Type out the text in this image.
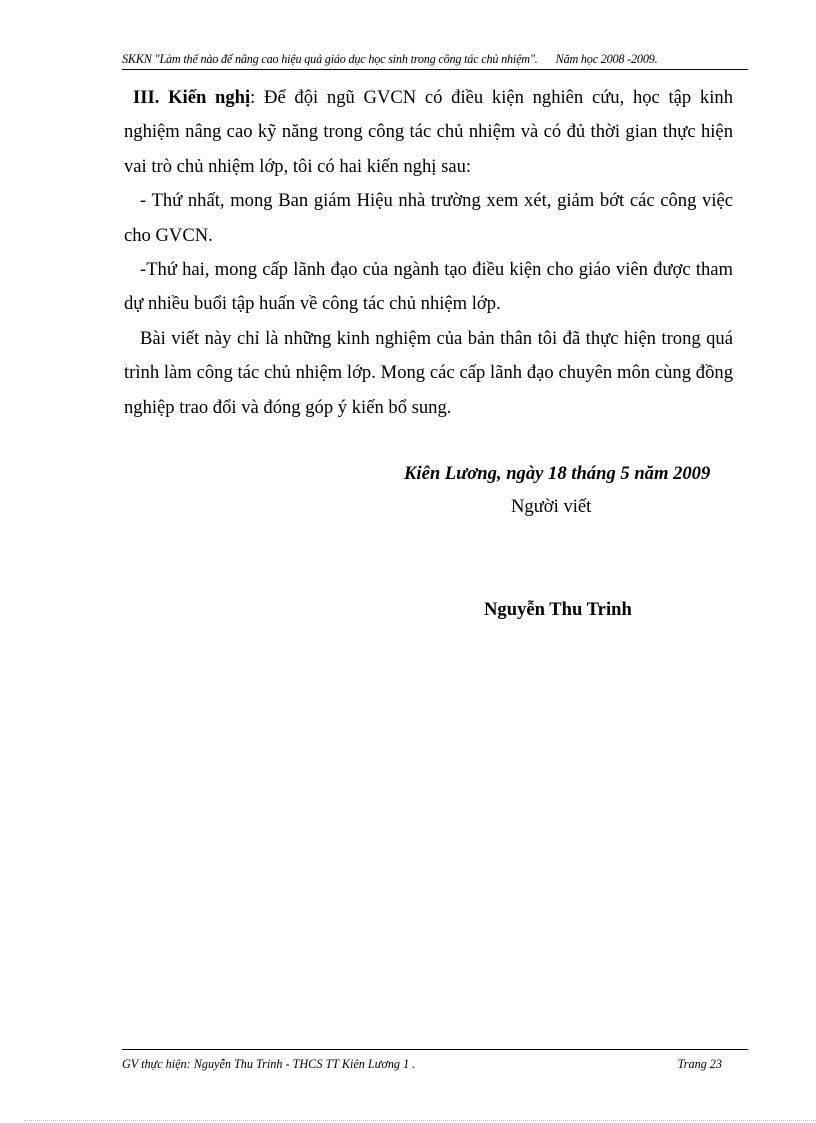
SKKN "Làm thế nào để nâng cao hiệu quả giáo dục học sinh trong công tác chủ nhiệm". Năm học 2008 -2009.

III. Kiến nghị: Để đội ngũ GVCN có điều kiện nghiên cứu, học tập kinh nghiệm nâng cao kỹ năng trong công tác chủ nhiệm và có đủ thời gian thực hiện vai trò chủ nhiệm lớp, tôi có hai kiến nghị sau:

- Thứ nhất, mong Ban giám Hiệu nhà trường xem xét, giảm bớt các công việc cho GVCN.

-Thứ hai, mong cấp lãnh đạo của ngành tạo điều kiện cho giáo viên được tham dự nhiều buổi tập huấn về công tác chủ nhiệm lớp.

Bài viết này chỉ là những kinh nghiệm của bản thân tôi đã thực hiện trong quá trình làm công tác chủ nhiệm lớp. Mong các cấp lãnh đạo chuyên môn cùng đồng nghiệp trao đổi và đóng góp ý kiến bổ sung.

Kiên Lương, ngày 18 tháng 5 năm 2009
Người viết
Nguyễn Thu Trinh
GV thực hiện: Nguyễn Thu Trinh - THCS TT Kiên Lương 1 .	Trang 23
